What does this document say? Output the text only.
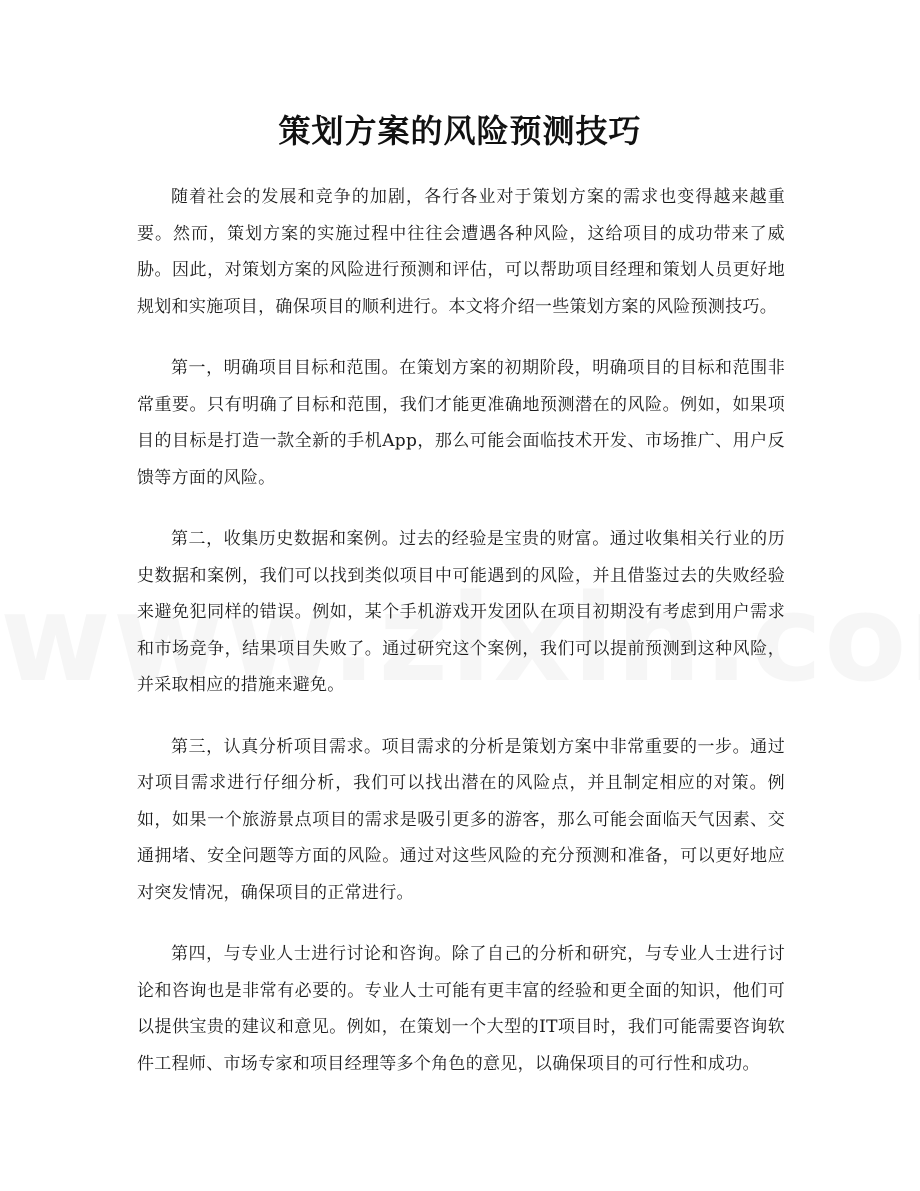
策划方案的风险预测技巧

随着社会的发展和竞争的加剧，各行各业对于策划方案的需求也变得越来越重要。然而，策划方案的实施过程中往往会遭遇各种风险，这给项目的成功带来了威胁。因此，对策划方案的风险进行预测和评估，可以帮助项目经理和策划人员更好地规划和实施项目，确保项目的顺利进行。本文将介绍一些策划方案的风险预测技巧。

第一，明确项目目标和范围。在策划方案的初期阶段，明确项目的目标和范围非常重要。只有明确了目标和范围，我们才能更准确地预测潜在的风险。例如，如果项目的目标是打造一款全新的手机App，那么可能会面临技术开发、市场推广、用户反馈等方面的风险。

第二，收集历史数据和案例。过去的经验是宝贵的财富。通过收集相关行业的历史数据和案例，我们可以找到类似项目中可能遇到的风险，并且借鉴过去的失败经验来避免犯同样的错误。例如，某个手机游戏开发团队在项目初期没有考虑到用户需求和市场竞争，结果项目失败了。通过研究这个案例，我们可以提前预测到这种风险，并采取相应的措施来避免。

第三，认真分析项目需求。项目需求的分析是策划方案中非常重要的一步。通过对项目需求进行仔细分析，我们可以找出潜在的风险点，并且制定相应的对策。例如，如果一个旅游景点项目的需求是吸引更多的游客，那么可能会面临天气因素、交通拥堵、安全问题等方面的风险。通过对这些风险的充分预测和准备，可以更好地应对突发情况，确保项目的正常进行。

第四，与专业人士进行讨论和咨询。除了自己的分析和研究，与专业人士进行讨论和咨询也是非常有必要的。专业人士可能有更丰富的经验和更全面的知识，他们可以提供宝贵的建议和意见。例如，在策划一个大型的IT项目时，我们可能需要咨询软件工程师、市场专家和项目经理等多个角色的意见，以确保项目的可行性和成功。
